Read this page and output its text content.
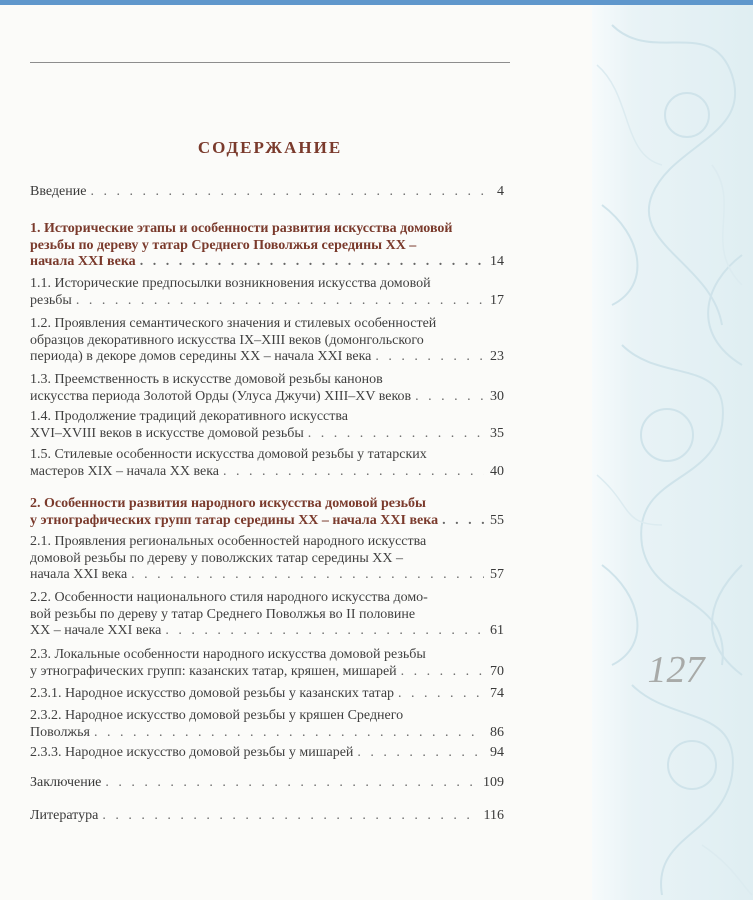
127
СОДЕРЖАНИЕ
Введение . . .	4
1. Исторические этапы и особенности развития искусства домовой
резьбы по дереву у татар Среднего Поволжья середины XX –
начала XXI века . . .	14
1.1. Исторические предпосылки возникновения искусства домовой
резьбы . . .	17
1.2. Проявления семантического значения и стилевых особенностей
образцов декоративного искусства IX–XIII веков (домонгольского
периода) в декоре домов середины XX – начала XXI века . . .	23
1.3. Преемственность в искусстве домовой резьбы канонов
искусства периода Золотой Орды (Улуса Джучи) XIII–XV веков . . .	30
1.4. Продолжение традиций декоративного искусства
XVI–XVIII веков в искусстве домовой резьбы . . .	35
1.5. Стилевые особенности искусства домовой резьбы у татарских
мастеров XIX – начала XX века . . .	40
2. Особенности развития народного искусства домовой резьбы
у этнографических групп татар середины XX – начала XXI века . . .	55
2.1. Проявления региональных особенностей народного искусства
домовой резьбы по дереву у поволжских татар середины XX –
начала XXI века . . .	57
2.2. Особенности национального стиля народного искусства домо-
вой резьбы по дереву у татар Среднего Поволжья во II половине
XX – начале XXI века . . .	61
2.3. Локальные особенности народного искусства домовой резьбы
у этнографических групп: казанских татар, кряшен, мишарей . . .	70
2.3.1. Народное искусство домовой резьбы у казанских татар . . .	74
2.3.2. Народное искусство домовой резьбы у кряшен Среднего
Поволжья . . .	86
2.3.3. Народное искусство домовой резьбы у мишарей . . .	94
Заключение . . .	109
Литература . . .	116
